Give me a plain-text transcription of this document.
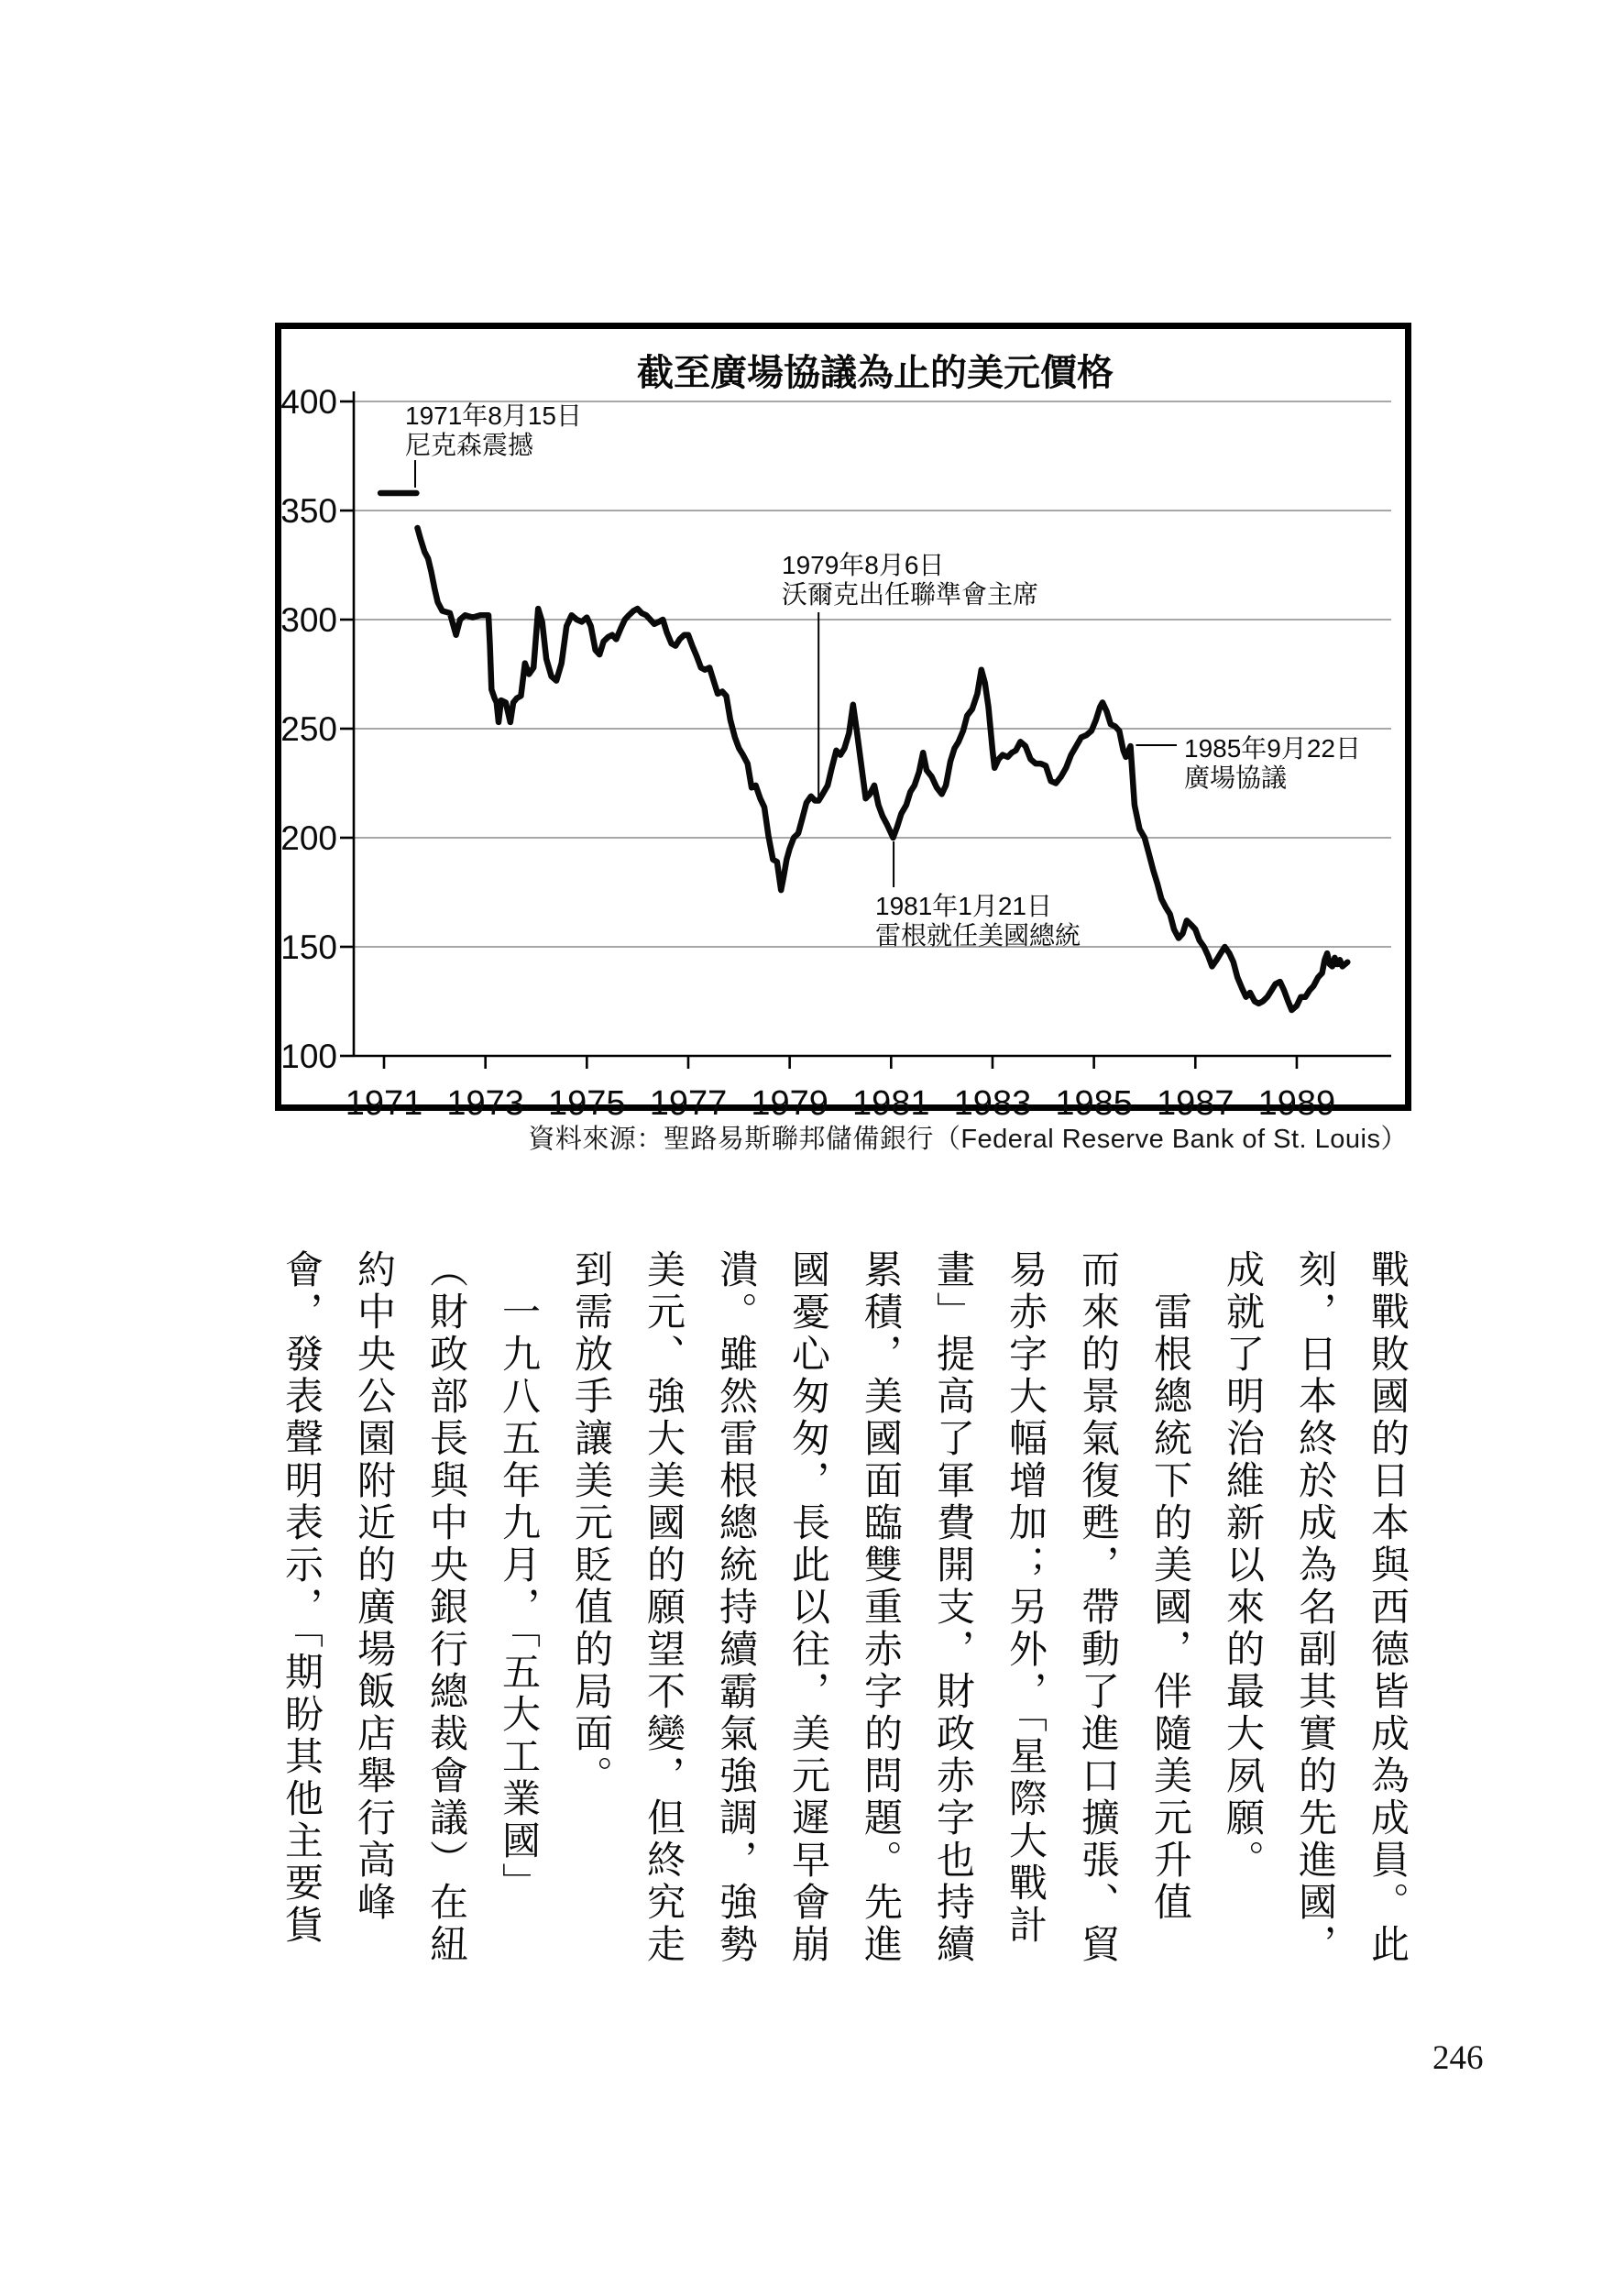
截至廣場協議為止的美元價格
100
150
200
250
300
350
400
1971 1973 1975 1977 1979 1981 1983 1985 1987 1989
1971年8月15日
尼克森震撼
1979年8月6日
沃爾克出任聯準會主席
1981年1月21日
雷根就任美國總統
1985年9月22日
廣場協議
資料來源：聖路易斯聯邦儲備銀行（Federal Reserve Bank of St. Louis）
戰戰敗國的日本與西德皆成為成員。此
刻，日本終於成為名副其實的先進國，
成就了明治維新以來的最大夙願。
雷根總統下的美國，伴隨美元升值
而來的景氣復甦，帶動了進口擴張、貿
易赤字大幅增加；另外，「星際大戰計
畫」提高了軍費開支，財政赤字也持續
累積，美國面臨雙重赤字的問題。先進
國憂心匆匆，長此以往，美元遲早會崩
潰。雖然雷根總統持續霸氣強調，強勢
美元、強大美國的願望不變，但終究走
到需放手讓美元貶值的局面。
一九八五年九月，「五大工業國」
（財政部長與中央銀行總裁會議）在紐
約中央公園附近的廣場飯店舉行高峰
會，發表聲明表示，「期盼其他主要貨
246
